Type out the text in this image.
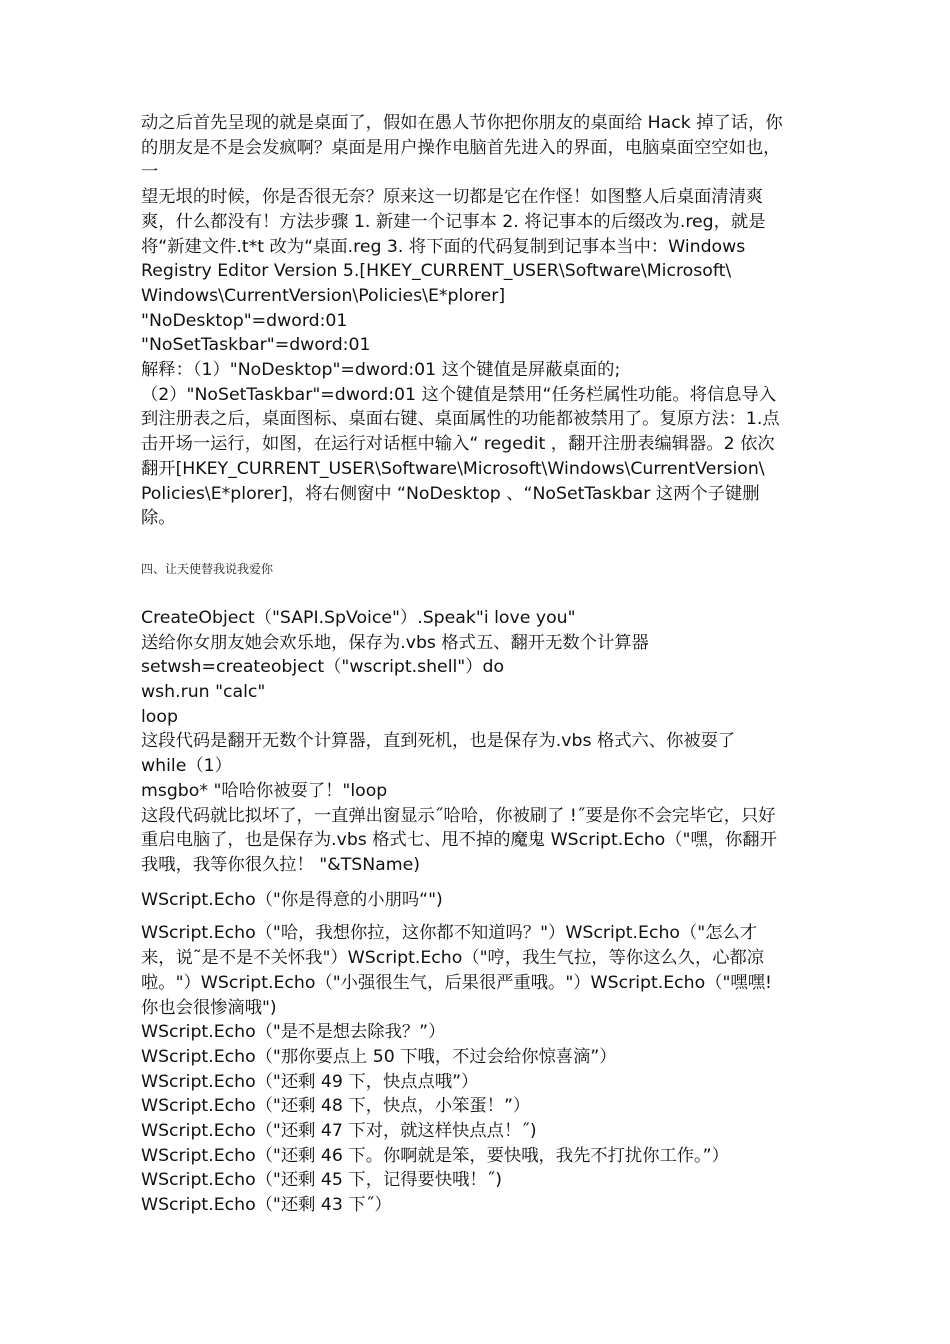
动之后首先呈现的就是桌面了，假如在愚人节你把你朋友的桌面给 Hack 掉了话，你
的朋友是不是会发疯啊？桌面是用户操作电脑首先进入的界面，电脑桌面空空如也，
一
望无垠的时候，你是否很无奈？原来这一切都是它在作怪！如图整人后桌面清清爽
爽，什么都没有！方法步骤 1. 新建一个记事本 2. 将记事本的后缀改为.reg，就是
将“新建文件.t*t 改为“桌面.reg 3. 将下面的代码复制到记事本当中：Windows
Registry Editor Version 5.[HKEY_CURRENT_USER\Software\Microsoft\
Windows\CurrentVersion\Policies\E*plorer]
"NoDesktop"=dword:01
"NoSetTaskbar"=dword:01
解释：（1）"NoDesktop"=dword:01 这个键值是屏蔽桌面的;
（2）"NoSetTaskbar"=dword:01 这个键值是禁用“任务栏属性功能。将信息导入
到注册表之后，桌面图标、桌面右键、桌面属性的功能都被禁用了。复原方法：1.点
击开场一运行，如图，在运行对话框中输入“ regedit ，翻开注册表编辑器。2 依次
翻开[HKEY_CURRENT_USER\Software\Microsoft\Windows\CurrentVersion\
Policies\E*plorer]，将右侧窗中 “NoDesktop 、“NoSetTaskbar 这两个子键删
除。
四、让天使替我说我爱你
CreateObject（"SAPI.SpVoice"）.Speak"i love you"
送给你女朋友她会欢乐地，保存为.vbs 格式五、翻开无数个计算器
setwsh=createobject（"wscript.shell"）do
wsh.run "calc"
loop
这段代码是翻开无数个计算器，直到死机，也是保存为.vbs 格式六、你被耍了
while（1）
msgbo* "哈哈你被耍了！"loop
这段代码就比拟坏了，一直弹出窗显示˝哈哈，你被刷了 !˝要是你不会完毕它，只好
重启电脑了，也是保存为.vbs 格式七、甩不掉的魔鬼 WScript.Echo（"嘿，你翻开
我哦，我等你很久拉！ "&TSName)
WScript.Echo（"你是得意的小朋吗“")
WScript.Echo（"哈，我想你拉，这你都不知道吗？"）WScript.Echo（"怎么才
来，说˜是不是不关怀我"）WScript.Echo（"哼，我生气拉，等你这么久，心都凉
啦。"）WScript.Echo（"小强很生气，后果很严重哦。"）WScript.Echo（"嘿嘿!
你也会很惨滴哦")
WScript.Echo（"是不是想去除我？”）
WScript.Echo（"那你要点上 50 下哦，不过会给你惊喜滴”）
WScript.Echo（"还剩 49 下，快点点哦”）
WScript.Echo（"还剩 48 下，快点，小笨蛋！”）
WScript.Echo（"还剩 47 下对，就这样快点点！˝)
WScript.Echo（"还剩 46 下。你啊就是笨，要快哦，我先不打扰你工作。”）
WScript.Echo（"还剩 45 下，记得要快哦！˝)
WScript.Echo（"还剩 43 下˝）
